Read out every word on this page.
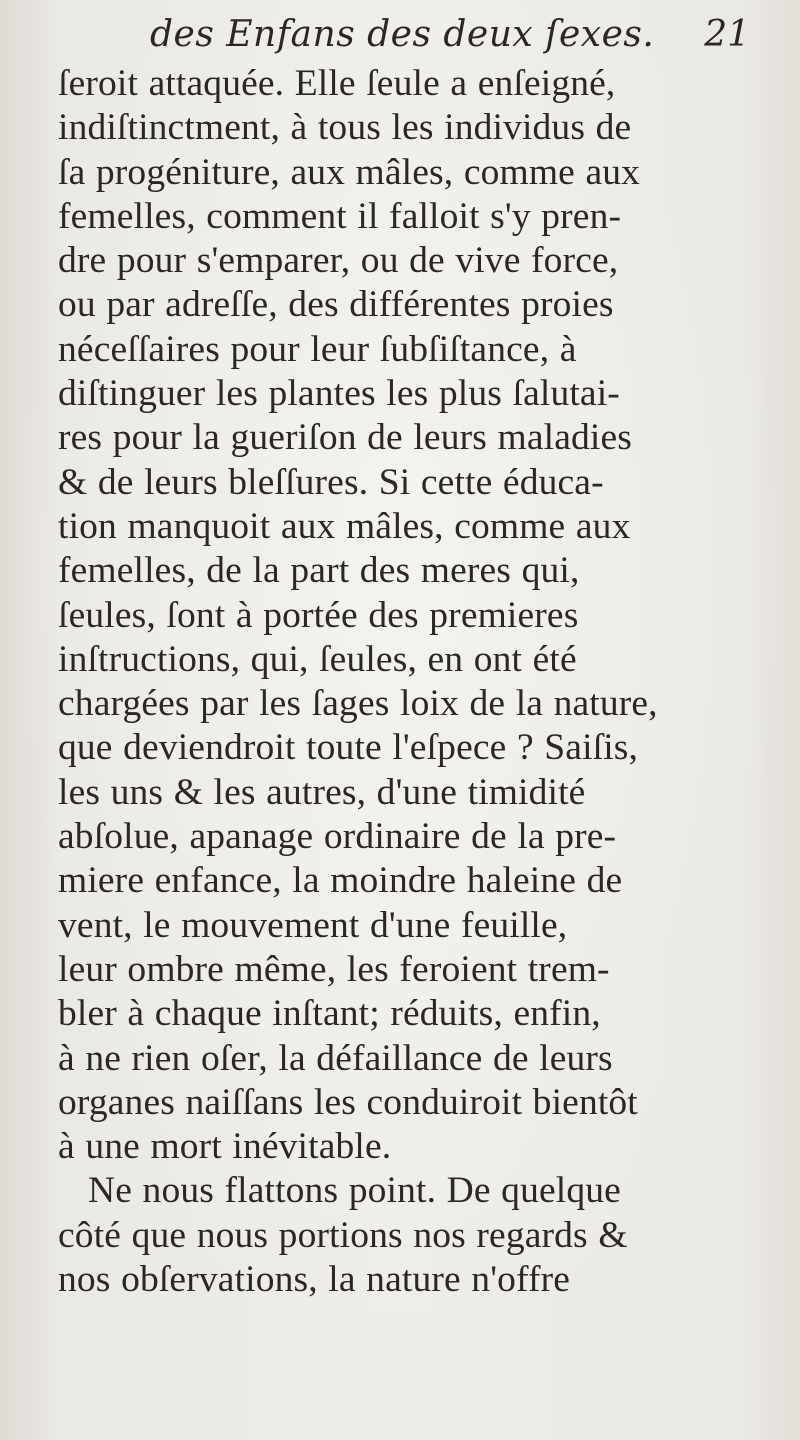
des Enfans des deux ſexes. 21
ſeroit attaquée. Elle ſeule a enſeigné,
indiſtinctment, à tous les individus de
ſa progéniture, aux mâles, comme aux
femelles, comment il falloit s'y pren-
dre pour s'emparer, ou de vive force,
ou par adreſſe, des différentes proies
néceſſaires pour leur ſubſiſtance, à
diſtinguer les plantes les plus ſalutai-
res pour la gueriſon de leurs maladies
& de leurs bleſſures. Si cette éduca-
tion manquoit aux mâles, comme aux
femelles, de la part des meres qui,
ſeules, ſont à portée des premieres
inſtructions, qui, ſeules, en ont été
chargées par les ſages loix de la nature,
que deviendroit toute l'eſpece ? Saiſis,
les uns & les autres, d'une timidité
abſolue, apanage ordinaire de la pre-
miere enfance, la moindre haleine de
vent, le mouvement d'une feuille,
leur ombre même, les feroient trem-
bler à chaque inſtant; réduits, enfin,
à ne rien oſer, la défaillance de leurs
organes naiſſans les conduiroit bientôt
à une mort inévitable.
Ne nous flattons point. De quelque
côté que nous portions nos regards &
nos obſervations, la nature n'offre
